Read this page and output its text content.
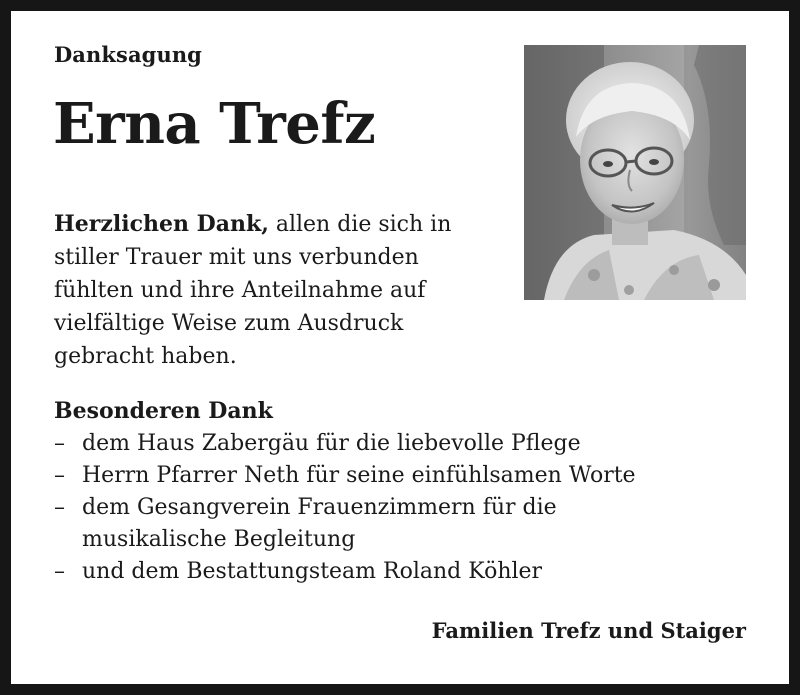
Danksagung
Erna Trefz
Herzlichen Dank, allen die sich in
stiller Trauer mit uns verbunden
fühlten und ihre Anteilnahme auf
vielfältige Weise zum Ausdruck
gebracht haben.
Besonderen Dank
– dem Haus Zabergäu für die liebevolle Pflege
– Herrn Pfarrer Neth für seine einfühlsamen Worte
– dem Gesangverein Frauenzimmern für die
musikalische Begleitung
– und dem Bestattungsteam Roland Köhler
Familien Trefz und Staiger
